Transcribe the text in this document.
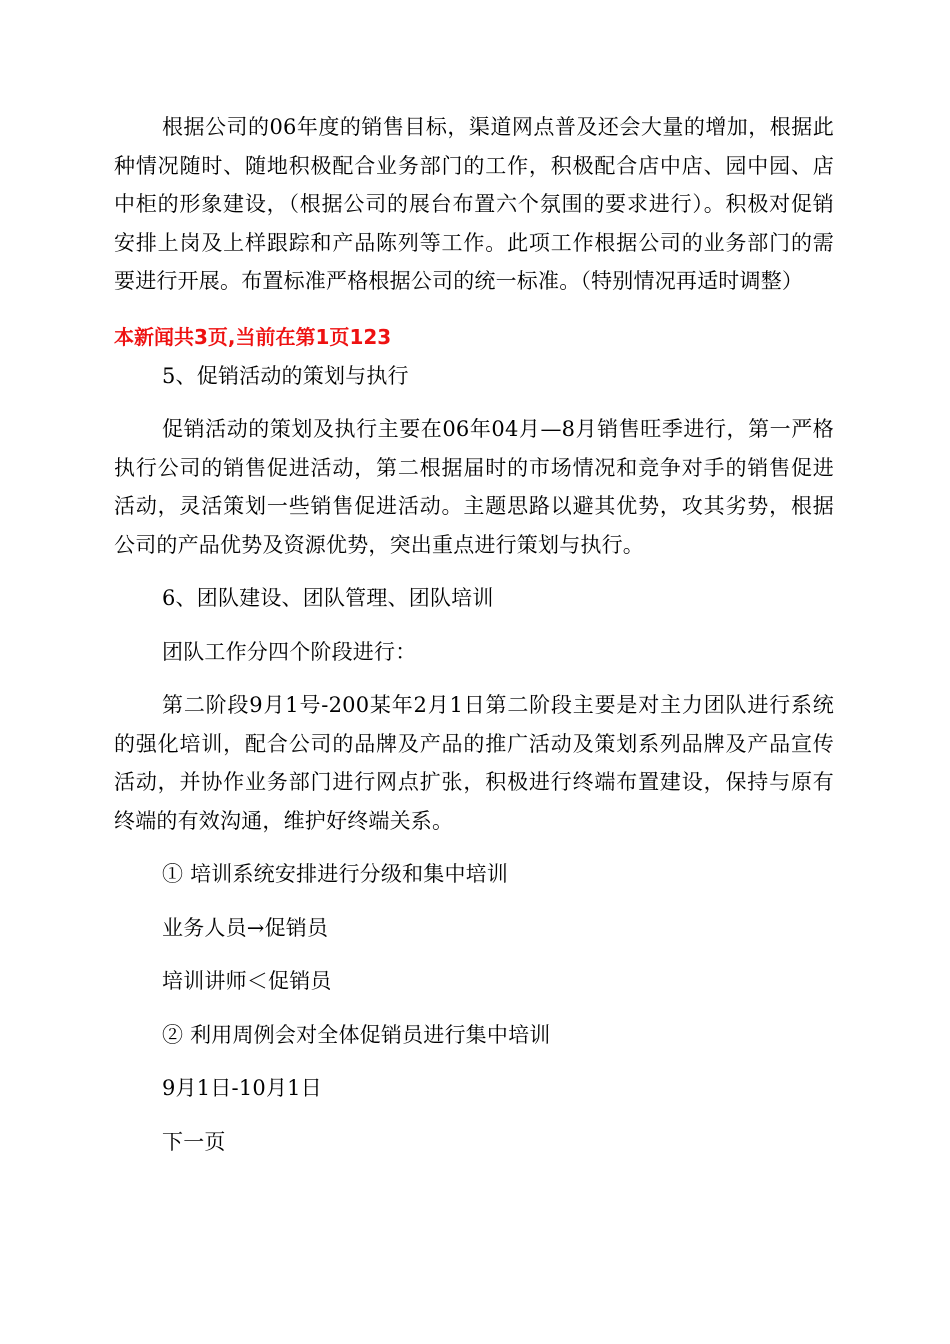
根据公司的06年度的销售目标，渠道网点普及还会大量的增加，根据此种情况随时、随地积极配合业务部门的工作，积极配合店中店、园中园、店中柜的形象建设，（根据公司的展台布置六个氛围的要求进行）。积极对促销安排上岗及上样跟踪和产品陈列等工作。此项工作根据公司的业务部门的需要进行开展。布置标准严格根据公司的统一标准。（特别情况再适时调整）

本新闻共3页,当前在第1页123

5、促销活动的策划与执行

促销活动的策划及执行主要在06年04月—8月销售旺季进行，第一严格执行公司的销售促进活动，第二根据届时的市场情况和竞争对手的销售促进活动，灵活策划一些销售促进活动。主题思路以避其优势，攻其劣势，根据公司的产品优势及资源优势，突出重点进行策划与执行。

6、团队建设、团队管理、团队培训

团队工作分四个阶段进行：

第二阶段9月1号-200某年2月1日第二阶段主要是对主力团队进行系统的强化培训，配合公司的品牌及产品的推广活动及策划系列品牌及产品宣传活动，并协作业务部门进行网点扩张，积极进行终端布置建设，保持与原有终端的有效沟通，维护好终端关系。

① 培训系统安排进行分级和集中培训

业务人员→促销员

培训讲师＜促销员

② 利用周例会对全体促销员进行集中培训

9月1日-10月1日

下一页
